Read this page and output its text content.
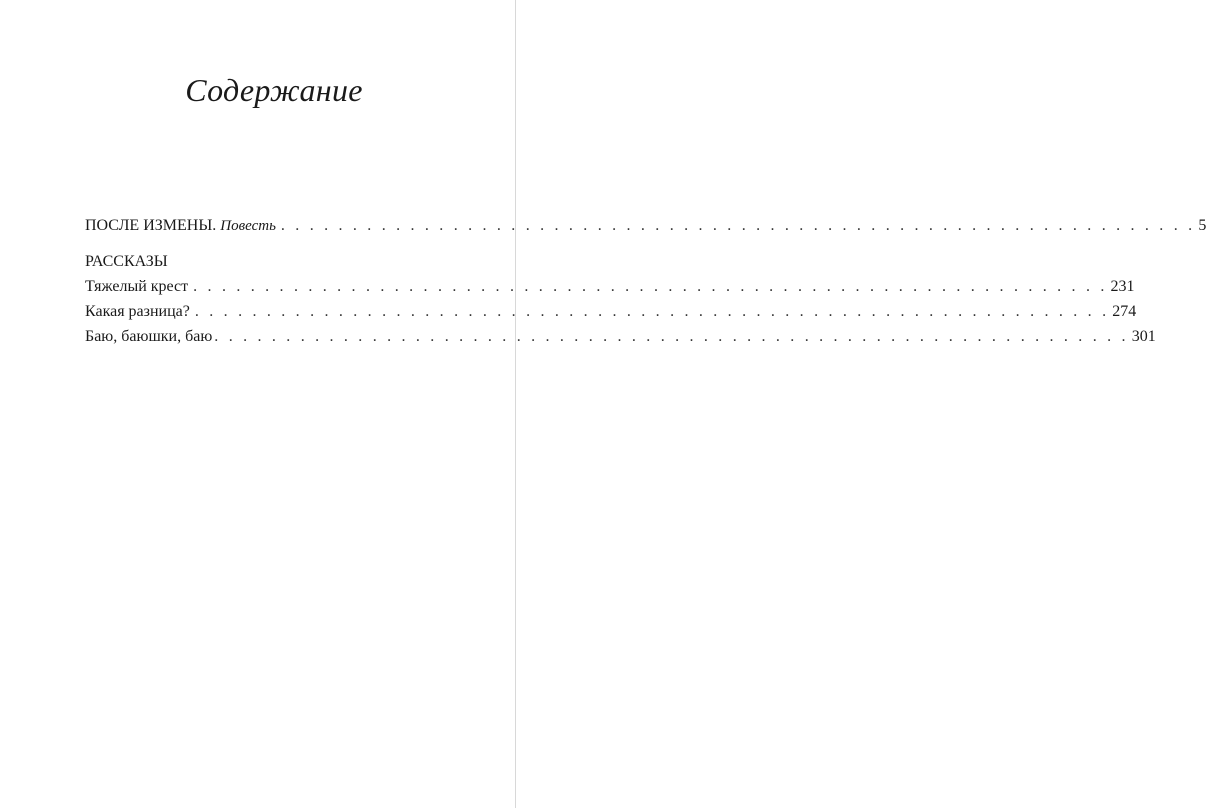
Содержание
ПОСЛЕ ИЗМЕНЫ. Повесть . . . . . . . . . . . . . . . . . . . . . . . . . . . . . . . . . . . . . . . . . . . . . . . . . . . . . . . . . . . . . . . . 5
РАССКАЗЫ
Тяжелый крест . . . . . . . . . . . . . . . . . . . . . . . . . . . . . . . . . . . . . . . . . . . . . . . . . . . . . . . . . . . . . . . . 231
Какая разница? . . . . . . . . . . . . . . . . . . . . . . . . . . . . . . . . . . . . . . . . . . . . . . . . . . . . . . . . . . . . . . . . 274
Баю, баюшки, баю . . . . . . . . . . . . . . . . . . . . . . . . . . . . . . . . . . . . . . . . . . . . . . . . . . . . . . . . . . . . . . . . 301
